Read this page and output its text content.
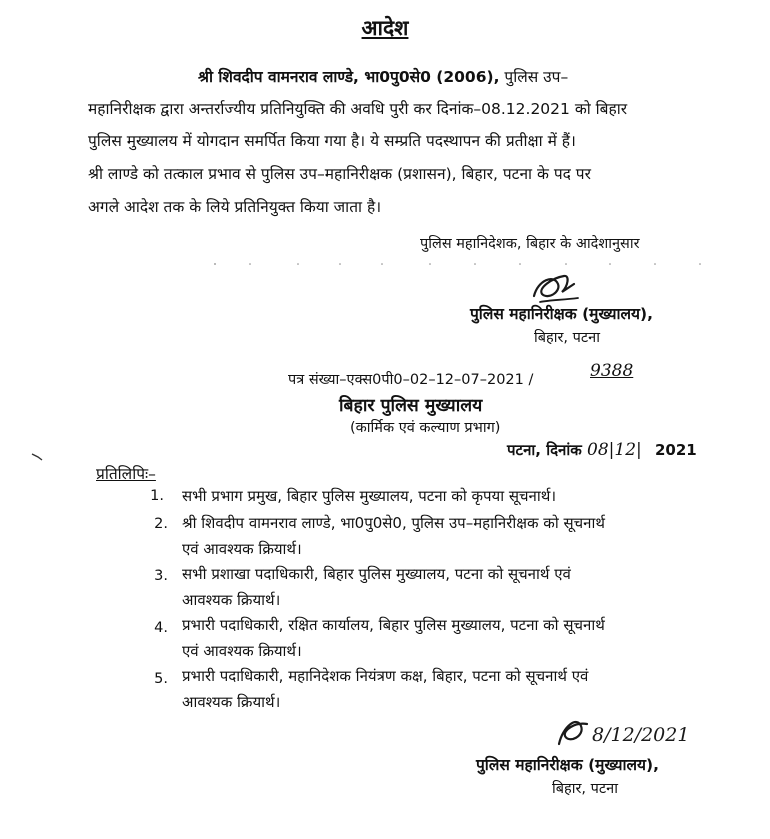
आदेश
श्री शिवदीप वामनराव लाण्डे, भा0पु0से0 (2006), पुलिस उप–
महानिरीक्षक द्वारा अन्तर्राज्यीय प्रतिनियुक्ति की अवधि पुरी कर दिनांक–08.12.2021 को बिहार
पुलिस मुख्यालय में योगदान समर्पित किया गया है। ये सम्प्रति पदस्थापन की प्रतीक्षा में हैं।
श्री लाण्डे को तत्काल प्रभाव से पुलिस उप–महानिरीक्षक (प्रशासन), बिहार, पटना के पद पर
अगले आदेश तक के लिये प्रतिनियुक्त किया जाता है।
पुलिस महानिदेशक, बिहार के आदेशानुसार
पुलिस महानिरीक्षक (मुख्यालय),
बिहार, पटना
पत्र संख्या–एक्स0पी0–02–12–07–2021 /	9388
बिहार पुलिस मुख्यालय
(कार्मिक एवं कल्याण प्रभाग)
पटना, दिनांक 08|12| 2021
प्रतिलिपिः–
1. सभी प्रभाग प्रमुख, बिहार पुलिस मुख्यालय, पटना को कृपया सूचनार्थ।
2. श्री शिवदीप वामनराव लाण्डे, भा0पु0से0, पुलिस उप–महानिरीक्षक को सूचनार्थ
एवं आवश्यक क्रियार्थ।
3. सभी प्रशाखा पदाधिकारी, बिहार पुलिस मुख्यालय, पटना को सूचनार्थ एवं
आवश्यक क्रियार्थ।
4. प्रभारी पदाधिकारी, रक्षित कार्यालय, बिहार पुलिस मुख्यालय, पटना को सूचनार्थ
एवं आवश्यक क्रियार्थ।
5. प्रभारी पदाधिकारी, महानिदेशक नियंत्रण कक्ष, बिहार, पटना को सूचनार्थ एवं
आवश्यक क्रियार्थ।
8/12/2021
पुलिस महानिरीक्षक (मुख्यालय),
बिहार, पटना
